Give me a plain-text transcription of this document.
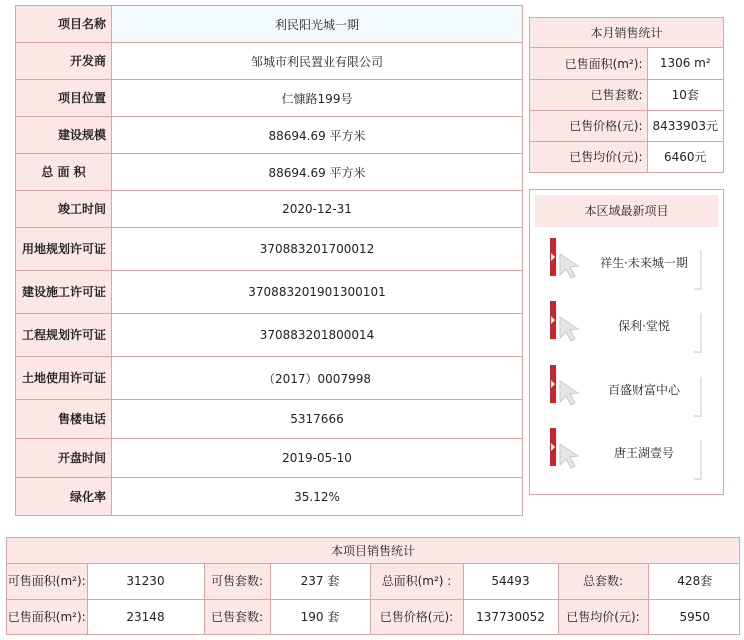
项目名称	利民阳光城一期
开发商	邹城市利民置业有限公司
项目位置	仁慷路199号
建设规模	88694.69 平方米
总 面 积	88694.69 平方米
竣工时间	2020-12-31
用地规划许可证	370883201700012
建设施工许可证	370883201901300101
工程规划许可证	370883201800014
土地使用许可证	（2017）0007998
售楼电话	5317666
开盘时间	2019-05-10
绿化率	35.12%
本月销售统计
已售面积(m²):	1306 m²
已售套数:	10套
已售价格(元):	8433903元
已售均价(元):	6460元
本区域最新项目
祥生·未来城一期
保利·堂悦
百盛财富中心
唐王湖壹号
本项目销售统计
可售面积(m²):	31230	可售套数:	237 套	总面积(m²) :	54493	总套数:	428套
已售面积(m²):	23148	已售套数:	190 套	已售价格(元):	137730052	已售均价(元):	5950
